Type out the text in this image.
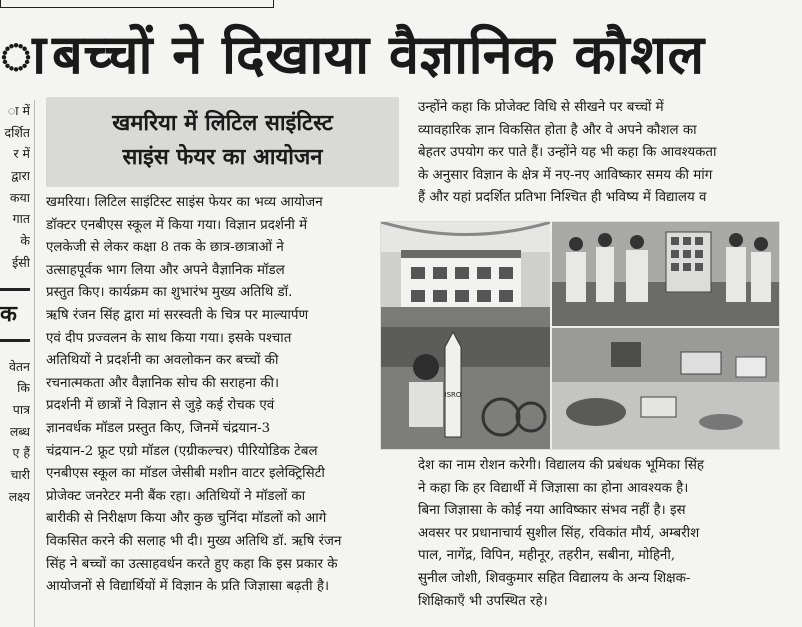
ा बच्चों ने दिखाया वैज्ञानिक कौशल
ा में
दर्शित
र में
द्वारा
कया
गात
के
ईसी
क
वेतन
कि
पात्र
लब्ध
ए हैं
चारी
लक्ष्य
खमरिया में लिटिल साइंटिस्ट
साइंस फेयर का आयोजन
खमरिया। लिटिल साइंटिस्ट साइंस फेयर का भव्य आयोजन
डॉक्टर एनबीएस स्कूल में किया गया। विज्ञान प्रदर्शनी में
एलकेजी से लेकर कक्षा 8 तक के छात्र-छात्राओं ने
उत्साहपूर्वक भाग लिया और अपने वैज्ञानिक मॉडल
प्रस्तुत किए। कार्यक्रम का शुभारंभ मुख्य अतिथि डॉ.
ऋषि रंजन सिंह द्वारा मां सरस्वती के चित्र पर माल्यार्पण
एवं दीप प्रज्वलन के साथ किया गया। इसके पश्चात
अतिथियों ने प्रदर्शनी का अवलोकन कर बच्चों की
रचनात्मकता और वैज्ञानिक सोच की सराहना की।
प्रदर्शनी में छात्रों ने विज्ञान से जुड़े कई रोचक एवं
ज्ञानवर्धक मॉडल प्रस्तुत किए, जिनमें चंद्रयान-3
चंद्रयान-2 फ्रूट एग्रो मॉडल (एग्रीकल्चर) पीरियोडिक टेबल
एनबीएस स्कूल का मॉडल जेसीबी मशीन वाटर इलेक्ट्रिसिटी
प्रोजेक्ट जनरेटर मनी बैंक रहा। अतिथियों ने मॉडलों का
बारीकी से निरीक्षण किया और कुछ चुनिंदा मॉडलों को आगे
विकसित करने की सलाह भी दी। मुख्य अतिथि डॉ. ऋषि रंजन
सिंह ने बच्चों का उत्साहवर्धन करते हुए कहा कि इस प्रकार के
आयोजनों से विद्यार्थियों में विज्ञान के प्रति जिज्ञासा बढ़ती है।
उन्होंने कहा कि प्रोजेक्ट विधि से सीखने पर बच्चों में
व्यावहारिक ज्ञान विकसित होता है और वे अपने कौशल का
बेहतर उपयोग कर पाते हैं। उन्होंने यह भी कहा कि आवश्यकता
के अनुसार विज्ञान के क्षेत्र में नए-नए आविष्कार समय की मांग
हैं और यहां प्रदर्शित प्रतिभा निश्चित ही भविष्य में विद्यालय व
ISRO
देश का नाम रोशन करेगी। विद्यालय की प्रबंधक भूमिका सिंह
ने कहा कि हर विद्यार्थी में जिज्ञासा का होना आवश्यक है।
बिना जिज्ञासा के कोई नया आविष्कार संभव नहीं है। इस
अवसर पर प्रधानाचार्य सुशील सिंह, रविकांत मौर्य, अम्बरीश
पाल, नागेंद्र, विपिन, महीनूर, तहरीन, सबीना, मोहिनी,
सुनील जोशी, शिवकुमार सहित विद्यालय के अन्य शिक्षक-
शिक्षिकाएँ भी उपस्थित रहे।
